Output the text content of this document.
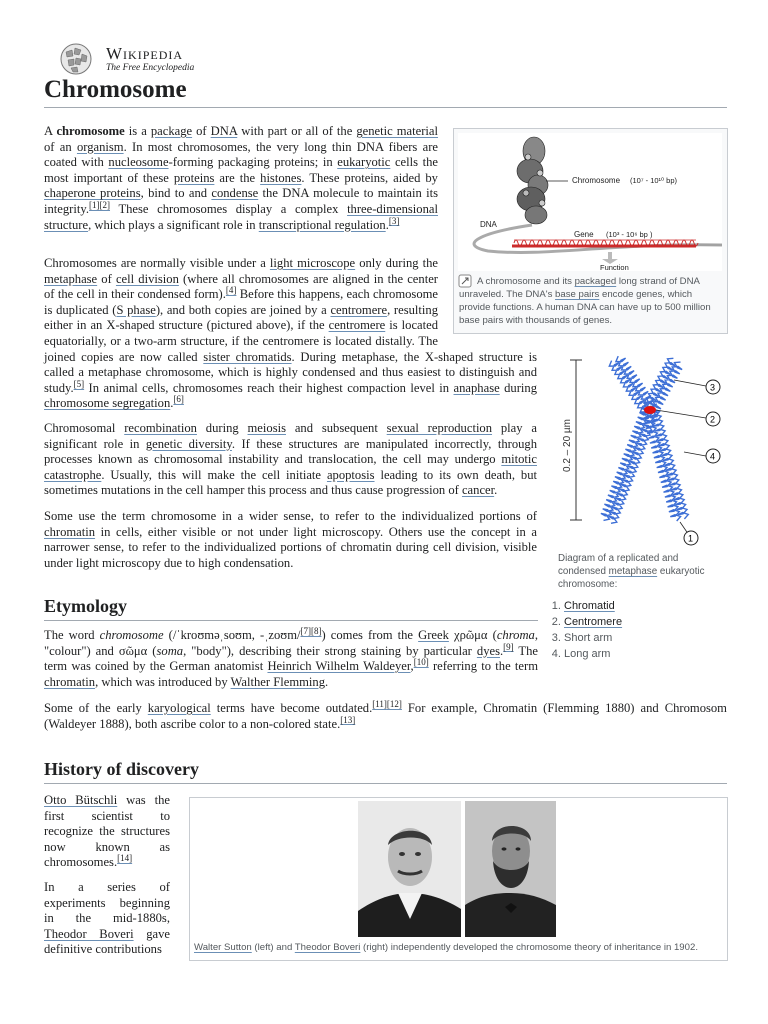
Wikipedia
The Free Encyclopedia
Chromosome

A chromosome is a package of DNA with part or all of the genetic material of an organism. In most chromosomes, the very long thin DNA fibers are coated with nucleosome-forming packaging proteins; in eukaryotic cells the most important of these proteins are the histones. These proteins, aided by chaperone proteins, bind to and condense the DNA molecule to maintain its integrity.[1][2] These chromosomes display a complex three-dimensional structure, which plays a significant role in transcriptional regulation.[3]

Chromosomes are normally visible under a light microscope only during the metaphase of cell division (where all chromosomes are aligned in the center of the cell in their condensed form).[4] Before this happens, each chromosome is duplicated (S phase), and both copies are joined by a centromere, resulting either in an X-shaped structure (pictured above), if the centromere is located equatorially, or a two-arm structure, if the centromere is located distally. The joined copies are now called sister chromatids. During metaphase, the X-shaped structure is called a metaphase chromosome, which is highly condensed and thus easiest to distinguish and study.[5] In animal cells, chromosomes reach their highest compaction level in anaphase during chromosome segregation.[6]

Chromosomal recombination during meiosis and subsequent sexual reproduction play a significant role in genetic diversity. If these structures are manipulated incorrectly, through processes known as chromosomal instability and translocation, the cell may undergo mitotic catastrophe. Usually, this will make the cell initiate apoptosis leading to its own death, but sometimes mutations in the cell hamper this process and thus cause progression of cancer.

Some use the term chromosome in a wider sense, to refer to the individualized portions of chromatin in cells, either visible or not under light microscopy. Others use the concept in a narrower sense, to refer to the individualized portions of chromatin during cell division, visible under light microscopy due to high condensation.

Etymology

The word chromosome (/ˈkroʊməˌsoʊm, -ˌzoʊm/[7][8]) comes from the Greek χρῶμα (chroma, "colour") and σῶμα (soma, "body"), describing their strong staining by particular dyes.[9] The term was coined by the German anatomist Heinrich Wilhelm Waldeyer,[10] referring to the term chromatin, which was introduced by Walther Flemming.

Some of the early karyological terms have become outdated.[11][12] For example, Chromatin (Flemming 1880) and Chromosom (Waldeyer 1888), both ascribe color to a non-colored state.[13]

History of discovery

Otto Bütschli was the first scientist to recognize the structures now known as chromosomes.[14]

In a series of experiments beginning in the mid-1880s, Theodor Boveri gave definitive contributions

Chromosome (10⁷ - 10¹⁰ bp)
DNA
Gene (10³ - 10⁶ bp )
Function
A chromosome and its packaged long strand of DNA unraveled. The DNA's base pairs encode genes, which provide functions. A human DNA can have up to 500 million base pairs with thousands of genes.
0.2 – 20 µm
3
2
4
1
Diagram of a replicated and condensed metaphase eukaryotic chromosome:
1. Chromatid
2. Centromere
3. Short arm
4. Long arm
Walter Sutton (left) and Theodor Boveri (right) independently developed the chromosome theory of inheritance in 1902.
